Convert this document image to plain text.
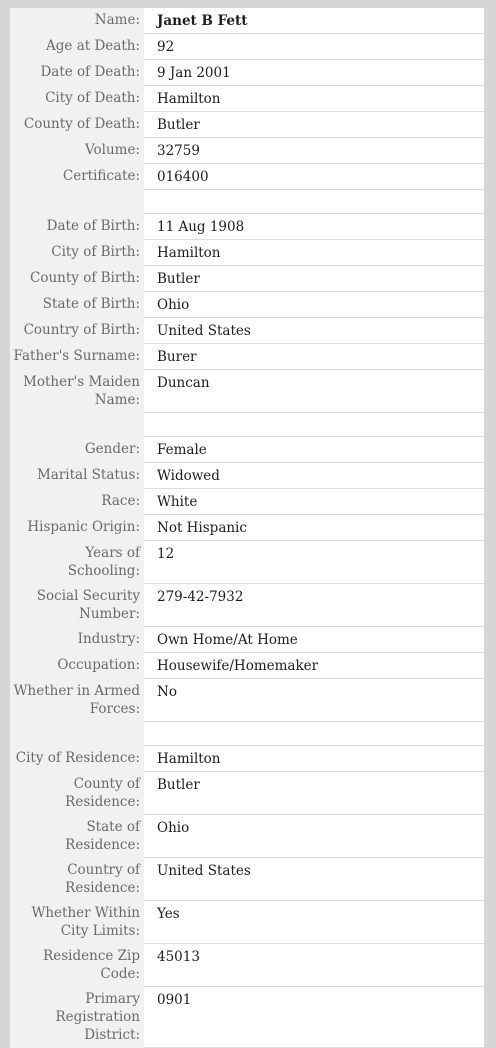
Name:	Janet B Fett
Age at Death:	92
Date of Death:	9 Jan 2001
City of Death:	Hamilton
County of Death:	Butler
Volume:	32759
Certificate:	016400

Date of Birth:	11 Aug 1908
City of Birth:	Hamilton
County of Birth:	Butler
State of Birth:	Ohio
Country of Birth:	United States
Father's Surname:	Burer
Mother's Maiden Name:	Duncan

Gender:	Female
Marital Status:	Widowed
Race:	White
Hispanic Origin:	Not Hispanic
Years of Schooling:	12
Social Security Number:	279-42-7932
Industry:	Own Home/At Home
Occupation:	Housewife/Homemaker
Whether in Armed Forces:	No

City of Residence:	Hamilton
County of Residence:	Butler
State of Residence:	Ohio
Country of Residence:	United States
Whether Within City Limits:	Yes
Residence Zip Code:	45013
Primary Registration District:	0901
